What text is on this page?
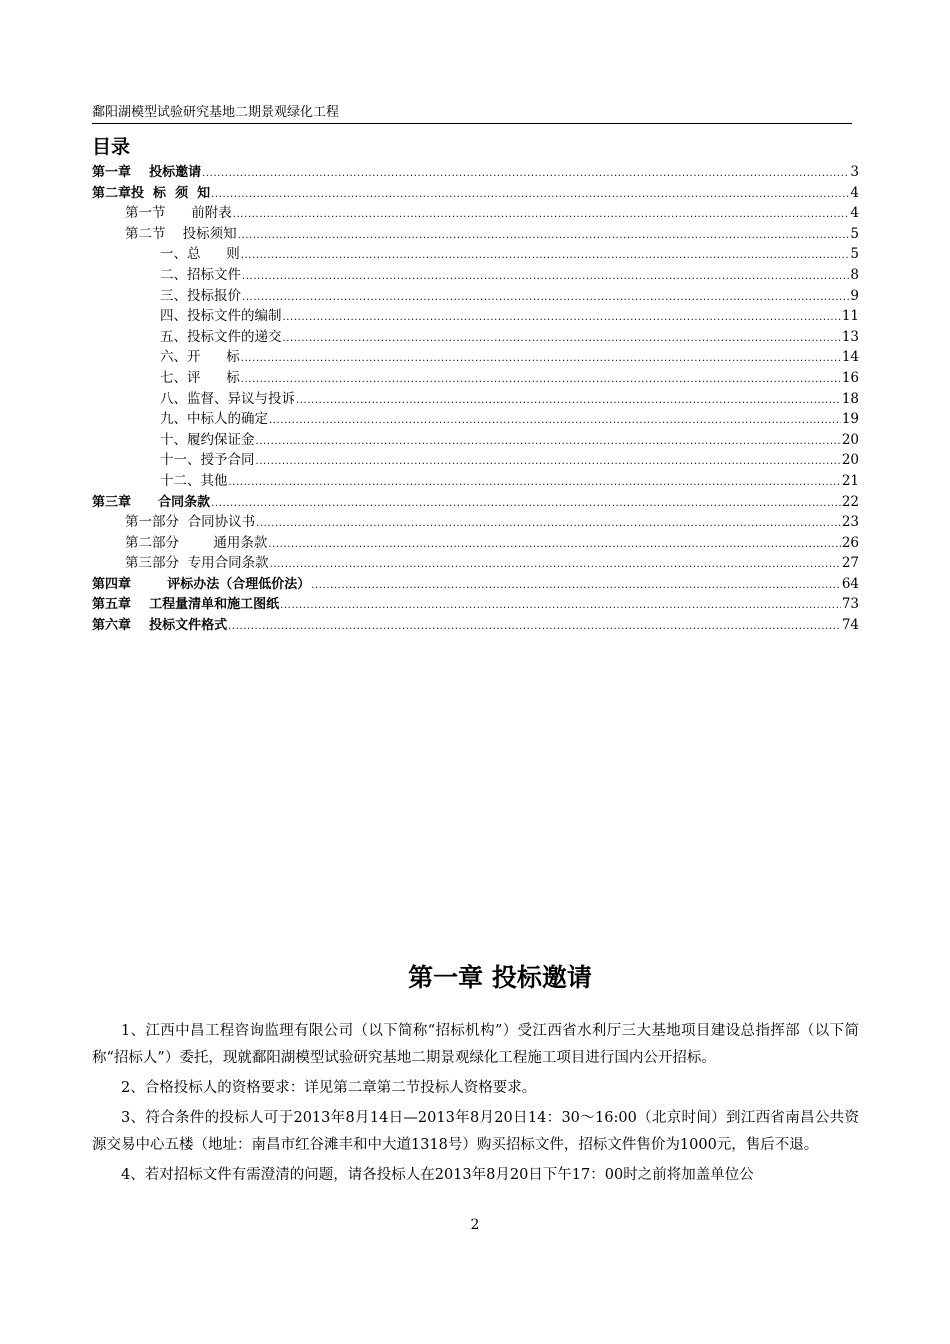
鄱阳湖模型试验研究基地二期景观绿化工程
目录
第一章    投标邀请 .....	3
第二章投  标  须  知 .....	4
第一节      前附表 .....	4
第二节    投标须知 .....	5
一、总      则 .....	5
二、招标文件 .....	8
三、投标报价 .....	9
四、投标文件的编制 .....	11
五、投标文件的递交 .....	13
六、开      标 .....	14
七、评      标 .....	16
八、监督、异议与投诉 .....	18
九、中标人的确定 .....	19
十、履约保证金 .....	20
十一、授予合同 .....	20
十二、其他 .....	21
第三章      合同条款 .....	22
第一部分  合同协议书 .....	23
第二部分        通用条款 .....	26
第三部分  专用合同条款 .....	27
第四章        评标办法（合理低价法） .....	64
第五章    工程量清单和施工图纸 .....	73
第六章    投标文件格式 .....	74
第一章 投标邀请

1、江西中昌工程咨询监理有限公司（以下简称“招标机构”）受江西省水利厅三大基地项目建设总指挥部（以下简称“招标人”）委托，现就鄱阳湖模型试验研究基地二期景观绿化工程施工项目进行国内公开招标。

2、合格投标人的资格要求：详见第二章第二节投标人资格要求。

3、符合条件的投标人可于2013年8月14日—2013年8月20日14：30～16:00（北京时间）到江西省南昌公共资源交易中心五楼（地址：南昌市红谷滩丰和中大道1318号）购买招标文件，招标文件售价为1000元，售后不退。

4、若对招标文件有需澄清的问题，请各投标人在2013年8月20日下午17：00时之前将加盖单位公

2
